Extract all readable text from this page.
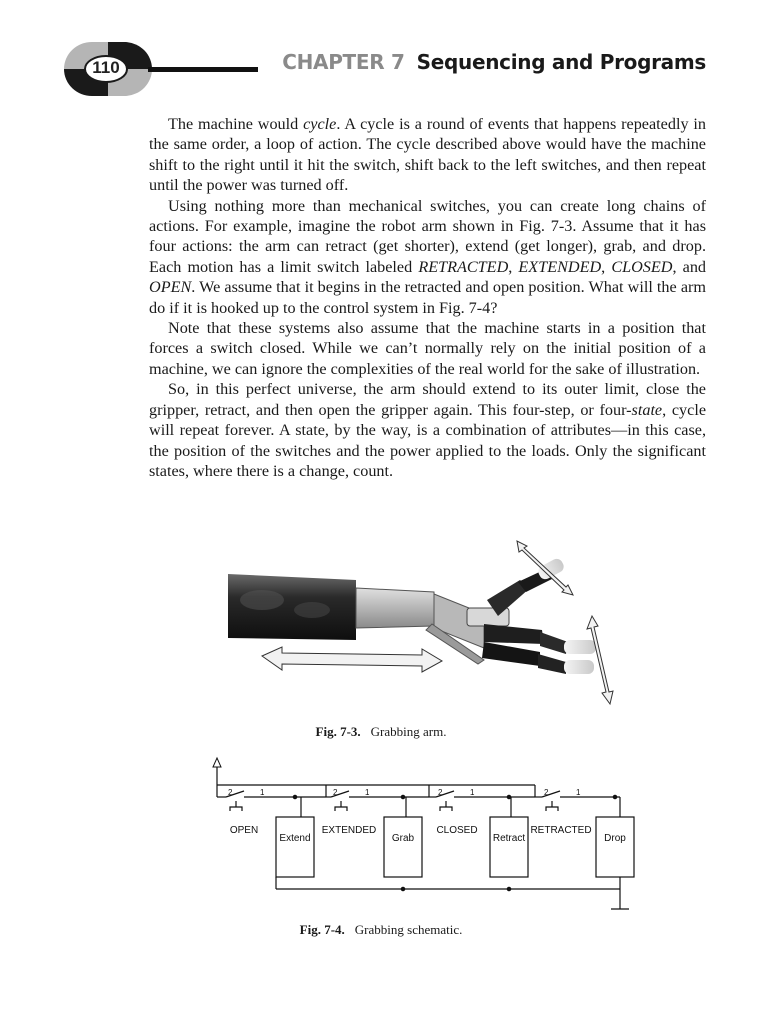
110	CHAPTER 7 Sequencing and Programs

The machine would cycle. A cycle is a round of events that happens repeatedly in the same order, a loop of action. The cycle described above would have the machine shift to the right until it hit the switch, shift back to the left switches, and then repeat until the power was turned off.

Using nothing more than mechanical switches, you can create long chains of actions. For example, imagine the robot arm shown in Fig. 7-3. Assume that it has four actions: the arm can retract (get shorter), extend (get longer), grab, and drop. Each motion has a limit switch labeled RETRACTED, EXTENDED, CLOSED, and OPEN. We assume that it begins in the retracted and open position. What will the arm do if it is hooked up to the control system in Fig. 7-4?

Note that these systems also assume that the machine starts in a position that forces a switch closed. While we can’t normally rely on the initial position of a machine, we can ignore the complexities of the real world for the sake of illustration.

So, in this perfect universe, the arm should extend to its outer limit, close the gripper, retract, and then open the gripper again. This four-step, or four-state, cycle will repeat forever. A state, by the way, is a combination of attributes—in this case, the position of the switches and the power applied to the loads. Only the significant states, where there is a change, count.

Fig. 7-3. Grabbing arm.
2	1	2	1	2	1	2	1
OPEN	EXTENDED	CLOSED	RETRACTED
Extend	Grab	Retract	Drop
Fig. 7-4. Grabbing schematic.
